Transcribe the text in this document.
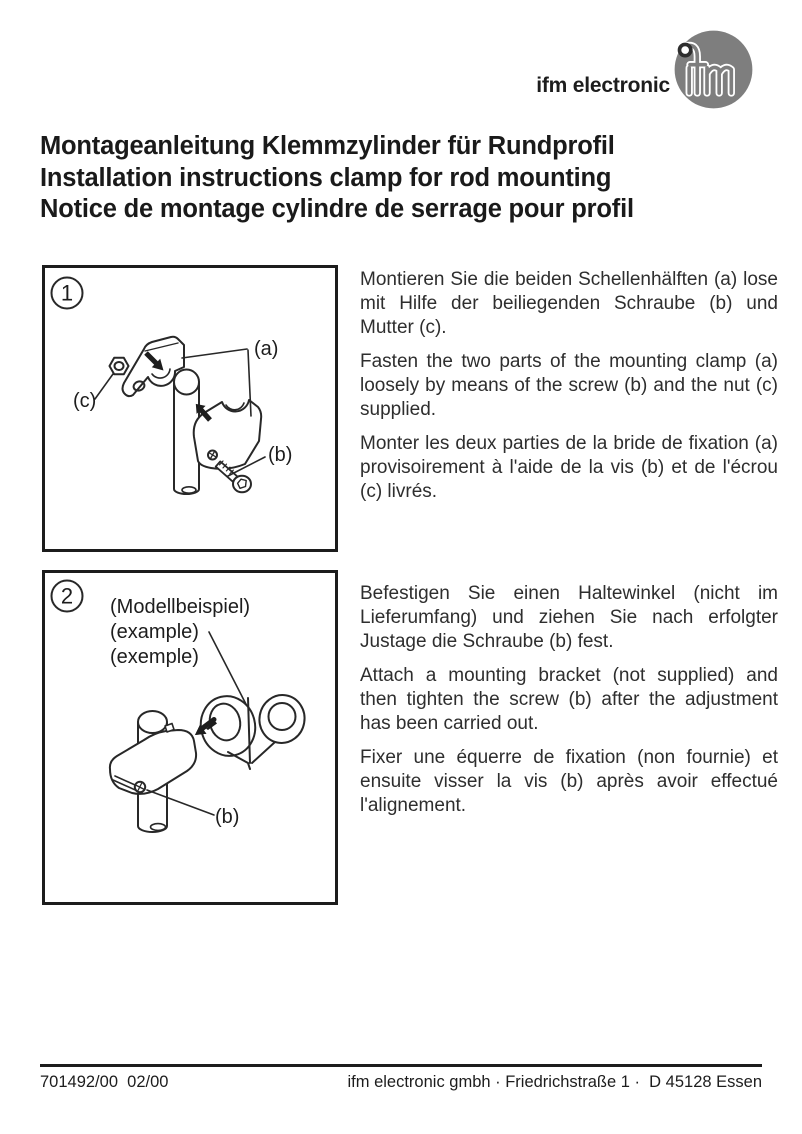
ifm electronic
Montageanleitung Klemmzylinder für Rundprofil
Installation instructions clamp for rod mounting
Notice de montage cylindre de serrage pour profil
1
(a)
(c)
(b)

Montieren Sie die beiden Schellenhälften (a) lose mit Hilfe der beiliegenden Schraube (b) und Mutter (c).

Fasten the two parts of the mounting clamp (a) loosely by means of the screw (b) and the nut (c) supplied.

Monter les deux parties de la bride de fixation (a) provisoirement à l'aide de la vis (b) et de l'écrou (c) livrés.

2 (Modellbeispiel)
(example)
(exemple)
(b)

Befestigen Sie einen Haltewinkel (nicht im Lieferumfang) und ziehen Sie nach erfolgter Justage die Schraube (b) fest.

Attach a mounting bracket (not supplied) and then tighten the screw (b) after the adjustment has been carried out.

Fixer une équerre de fixation (non fournie) et ensuite visser la vis (b) après avoir effectué l'alignement.

701492/00  02/00	ifm electronic gmbh · Friedrichstraße 1 ·  D 45128 Essen
